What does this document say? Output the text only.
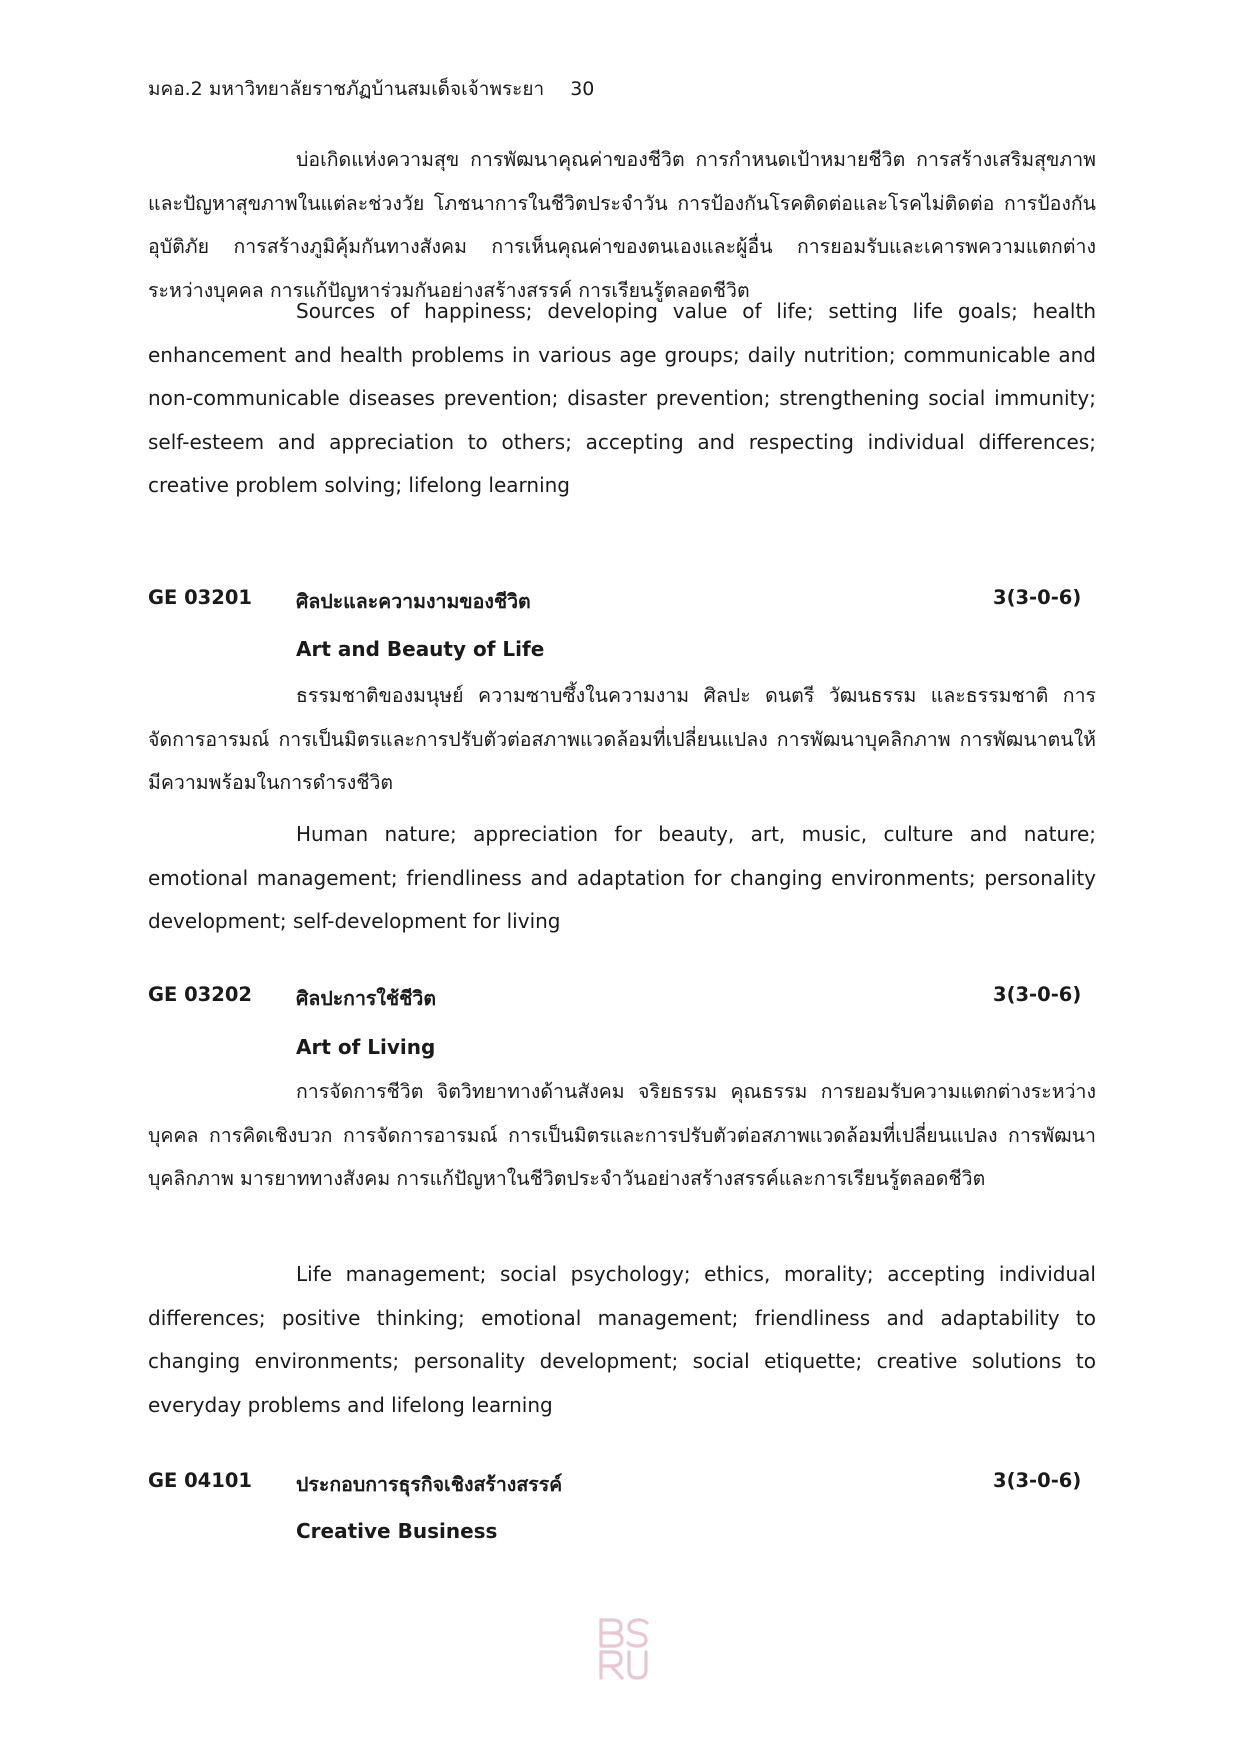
มคอ.2 มหาวิทยาลัยราชภัฏบ้านสมเด็จเจ้าพระยา 30
บ่อเกิดแห่งความสุข การพัฒนาคุณค่าของชีวิต การกำหนดเป้าหมายชีวิต การสร้างเสริมสุขภาพและปัญหาสุขภาพในแต่ละช่วงวัย โภชนาการในชีวิตประจำวัน การป้องกันโรคติดต่อและโรคไม่ติดต่อ การป้องกันอุบัติภัย การสร้างภูมิคุ้มกันทางสังคม การเห็นคุณค่าของตนเองและผู้อื่น การยอมรับและเคารพความแตกต่างระหว่างบุคคล การแก้ปัญหาร่วมกันอย่างสร้างสรรค์ การเรียนรู้ตลอดชีวิต
Sources of happiness; developing value of life; setting life goals; health enhancement and health problems in various age groups; daily nutrition; communicable and non-communicable diseases prevention; disaster prevention; strengthening social immunity; self-esteem and appreciation to others; accepting and respecting individual differences; creative problem solving; lifelong learning
GE 03201 ศิลปะและความงามของชีวิต	3(3-0-6)
Art and Beauty of Life
ธรรมชาติของมนุษย์ ความซาบซึ้งในความงาม ศิลปะ ดนตรี วัฒนธรรม และธรรมชาติ การจัดการอารมณ์ การเป็นมิตรและการปรับตัวต่อสภาพแวดล้อมที่เปลี่ยนแปลง การพัฒนาบุคลิกภาพ การพัฒนาตนให้มีความพร้อมในการดำรงชีวิต
Human nature; appreciation for beauty, art, music, culture and nature; emotional management; friendliness and adaptation for changing environments; personality development; self-development for living
GE 03202 ศิลปะการใช้ชีวิต	3(3-0-6)
Art of Living
การจัดการชีวิต จิตวิทยาทางด้านสังคม จริยธรรม คุณธรรม การยอมรับความแตกต่างระหว่างบุคคล การคิดเชิงบวก การจัดการอารมณ์ การเป็นมิตรและการปรับตัวต่อสภาพแวดล้อมที่เปลี่ยนแปลง การพัฒนาบุคลิกภาพ มารยาททางสังคม การแก้ปัญหาในชีวิตประจำวันอย่างสร้างสรรค์และการเรียนรู้ตลอดชีวิต
Life management; social psychology; ethics, morality; accepting individual differences; positive thinking; emotional management; friendliness and adaptability to changing environments; personality development; social etiquette; creative solutions to everyday problems and lifelong learning
GE 04101 ประกอบการธุรกิจเชิงสร้างสรรค์	3(3-0-6)
Creative Business
